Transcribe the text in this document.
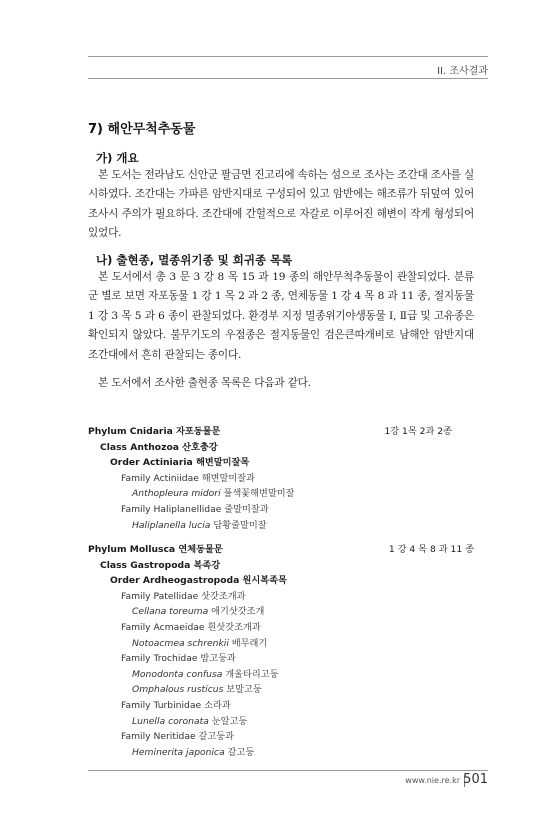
II. 조사결과
7) 해안무척추동물
가) 개요

본 도서는 전라남도 신안군 팔금면 진고리에 속하는 섬으로 조사는 조간대 조사를 실시하였다. 조간대는 가파른 암반지대로 구성되어 있고 암반에는 해조류가 뒤덮여 있어 조사시 주의가 필요하다. 조간대에 간헐적으로 자갈로 이루어진 해변이 작게 형성되어 있었다.

나) 출현종, 멸종위기종 및 희귀종 목록

본 도서에서 총 3 문 3 강 8 목 15 과 19 종의 해안무척추동물이 관찰되었다. 분류군 별로 보면 자포동물 1 강 1 목 2 과 2 종, 연체동물 1 강 4 목 8 과 11 종, 절지동물 1 강 3 목 5 과 6 종이 관찰되었다. 환경부 지정 멸종위기야생동물 Ⅰ, Ⅱ급 및 고유종은 확인되지 않았다. 불무기도의 우점종은 절지동물인 검은큰따개비로 남해안 암반지대 조간대에서 흔히 관찰되는 종이다.

본 도서에서 조사한 출현종 목록은 다음과 같다.

Phylum Cnidaria 자포동물문	1강 1목 2과 2종
Class Anthozoa 산호충강
Order Actiniaria 해변말미잘목
Family Actiniidae 해변말미잘과
Anthopleura midori 풀색꽃해변말미잘
Family Haliplanellidae 줄말미잘과
Haliplanella lucia 담황줄말미잘
Phylum Mollusca 연체동물문	1 강 4 목 8 과 11 종
Class Gastropoda 복족강
Order Ardheogastropoda 원시복족목
Family Patellidae 삿갓조개과
Cellana toreuma 애기삿갓조개
Family Acmaeidae 흰삿갓조개과
Notoacmea schrenkii 배무래기
Family Trochidae 밤고둥과
Monodonta confusa 개울타리고둥
Omphalous rusticus 보말고둥
Family Turbinidae 소라과
Lunella coronata 눈알고둥
Family Neritidae 갈고둥과
Heminerita japonica 갈고둥
www.nie.re.kr 501
